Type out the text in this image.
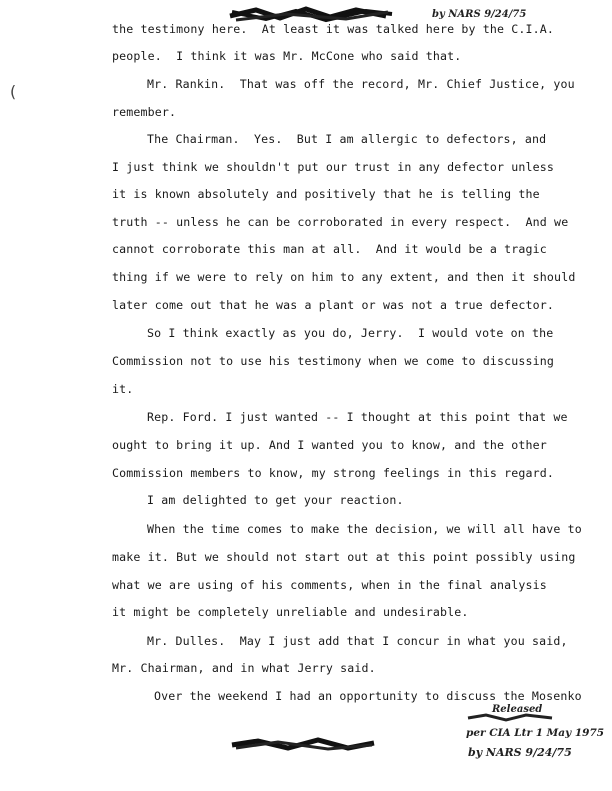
by NARS 9/24/75
(
the testimony here.  At least it was talked here by the C.I.A.
people.  I think it was Mr. McCone who said that.
Mr. Rankin.  That was off the record, Mr. Chief Justice, you
remember.
The Chairman.  Yes.  But I am allergic to defectors, and
I just think we shouldn't put our trust in any defector unless
it is known absolutely and positively that he is telling the
truth -- unless he can be corroborated in every respect.  And we
cannot corroborate this man at all.  And it would be a tragic
thing if we were to rely on him to any extent, and then it should
later come out that he was a plant or was not a true defector.
So I think exactly as you do, Jerry.  I would vote on the
Commission not to use his testimony when we come to discussing
it.
Rep. Ford. I just wanted -- I thought at this point that we
ought to bring it up. And I wanted you to know, and the other
Commission members to know, my strong feelings in this regard.
I am delighted to get your reaction.
When the time comes to make the decision, we will all have to
make it. But we should not start out at this point possibly using
what we are using of his comments, when in the final analysis
it might be completely unreliable and undesirable.
Mr. Dulles.  May I just add that I concur in what you said,
Mr. Chairman, and in what Jerry said.
Over the weekend I had an opportunity to discuss the Mosenko
Released
per CIA Ltr 1 May 1975
by NARS 9/24/75
